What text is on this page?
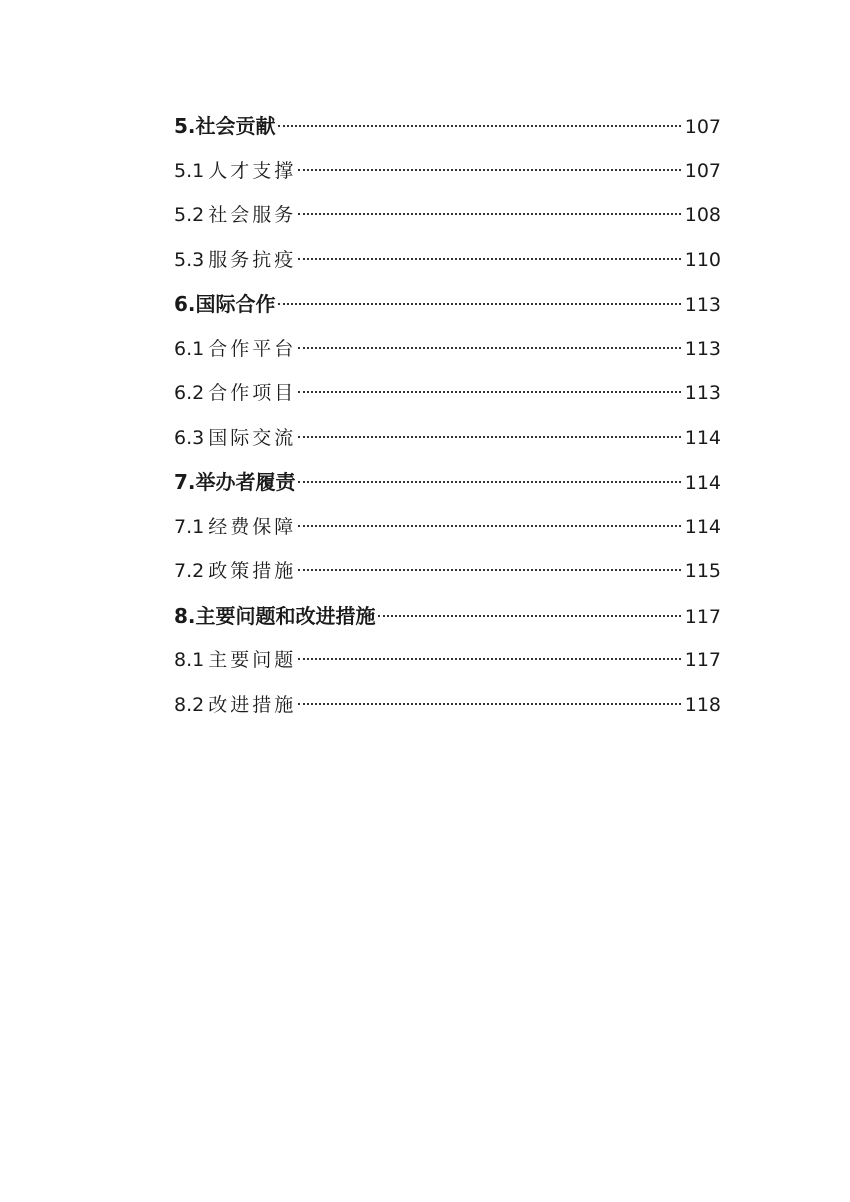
5.社会贡献	107
5.1 人才支撑	107
5.2 社会服务	108
5.3 服务抗疫	110
6.国际合作	113
6.1 合作平台	113
6.2 合作项目	113
6.3 国际交流	114
7.举办者履责	114
7.1 经费保障	114
7.2 政策措施	115
8.主要问题和改进措施	117
8.1 主要问题	117
8.2 改进措施	118
